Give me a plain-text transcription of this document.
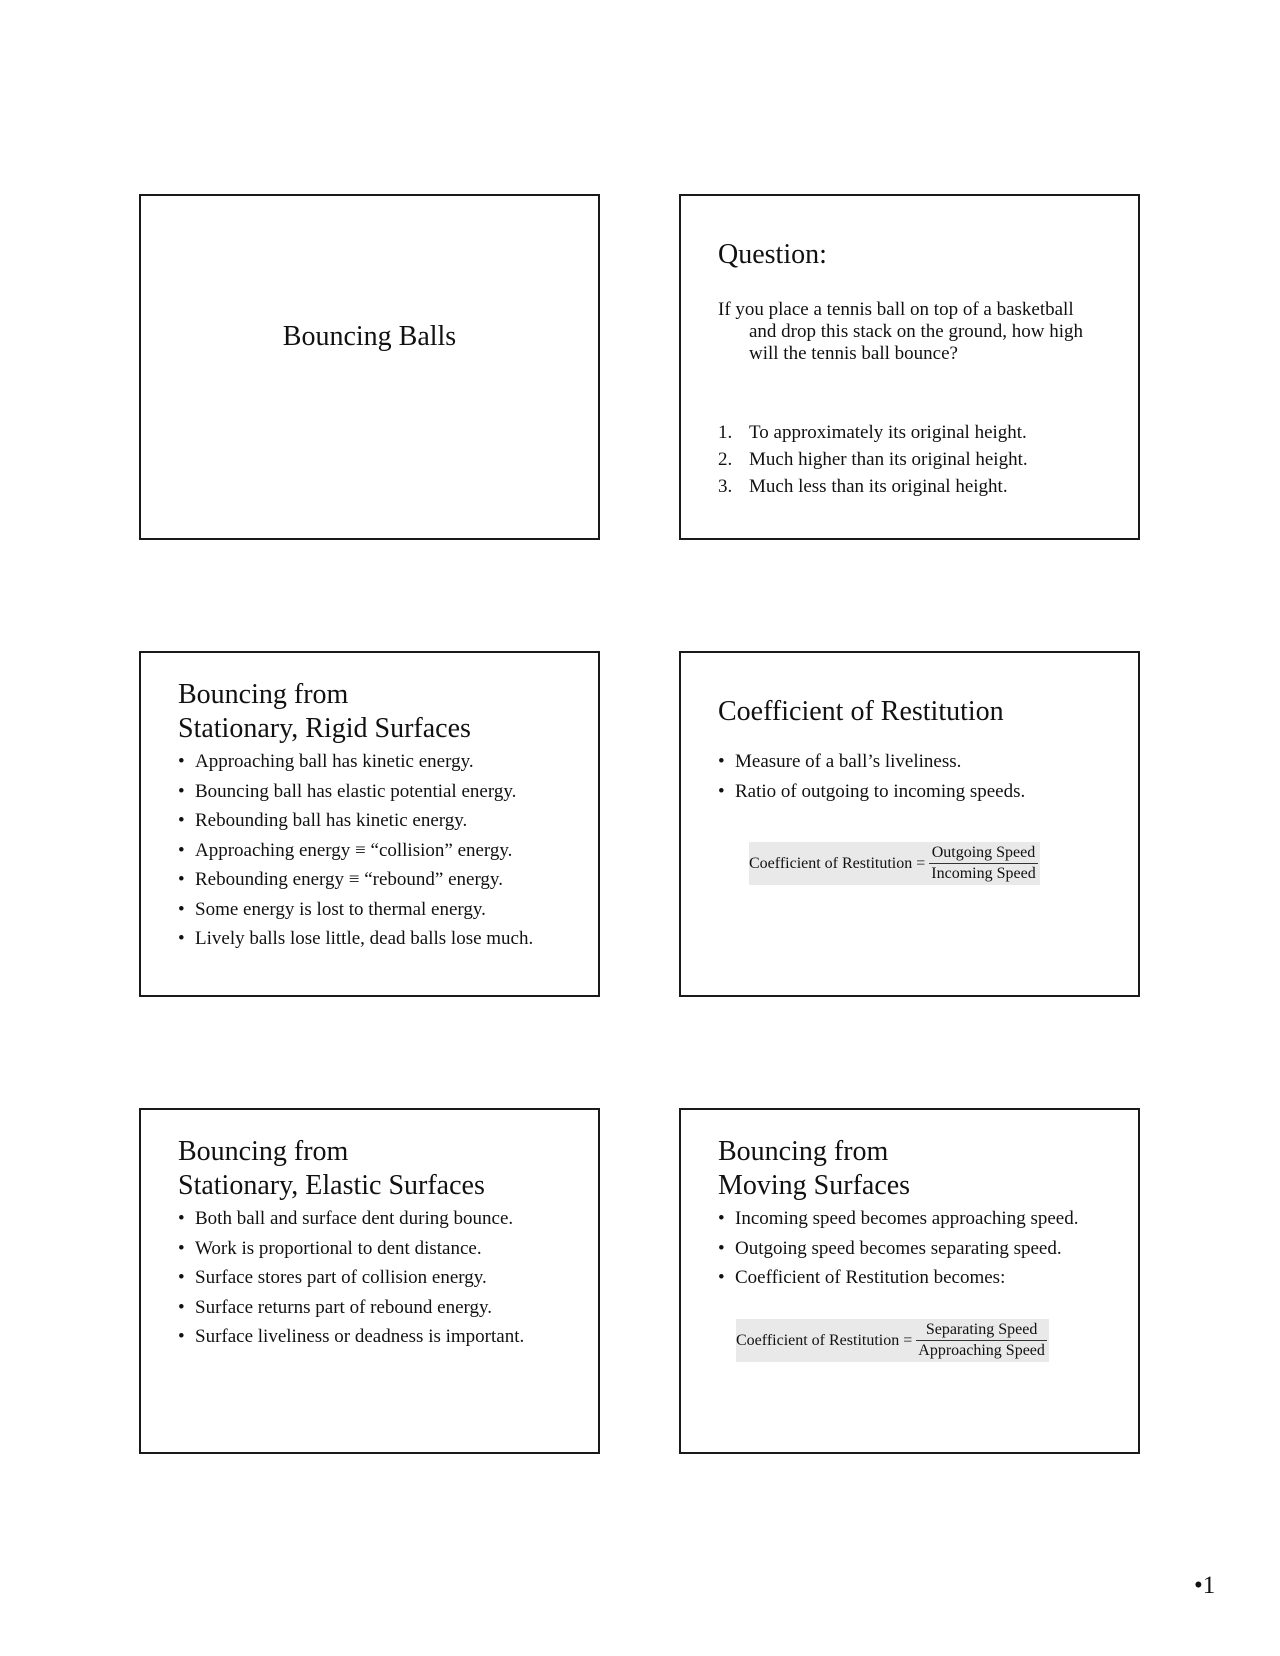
Bouncing Balls
Question:
If you place a tennis ball on top of a basketball and drop this stack on the ground, how high will the tennis ball bounce?
1. To approximately its original height.
2. Much higher than its original height.
3. Much less than its original height.
Bouncing from
Stationary, Rigid Surfaces
• Approaching ball has kinetic energy.
• Bouncing ball has elastic potential energy.
• Rebounding ball has kinetic energy.
• Approaching energy ≡ “collision” energy.
• Rebounding energy ≡ “rebound” energy.
• Some energy is lost to thermal energy.
• Lively balls lose little, dead balls lose much.
Coefficient of Restitution
• Measure of a ball’s liveliness.
• Ratio of outgoing to incoming speeds.
Coefficient of Restitution = $\frac{\text{Outgoing Speed}}{\text{Incoming Speed}}$
Bouncing from
Stationary, Elastic Surfaces
• Both ball and surface dent during bounce.
• Work is proportional to dent distance.
• Surface stores part of collision energy.
• Surface returns part of rebound energy.
• Surface liveliness or deadness is important.
Bouncing from
Moving Surfaces
• Incoming speed becomes approaching speed.
• Outgoing speed becomes separating speed.
• Coefficient of Restitution becomes:
Coefficient of Restitution = $\frac{\text{Separating Speed}}{\text{Approaching Speed}}$
•1
